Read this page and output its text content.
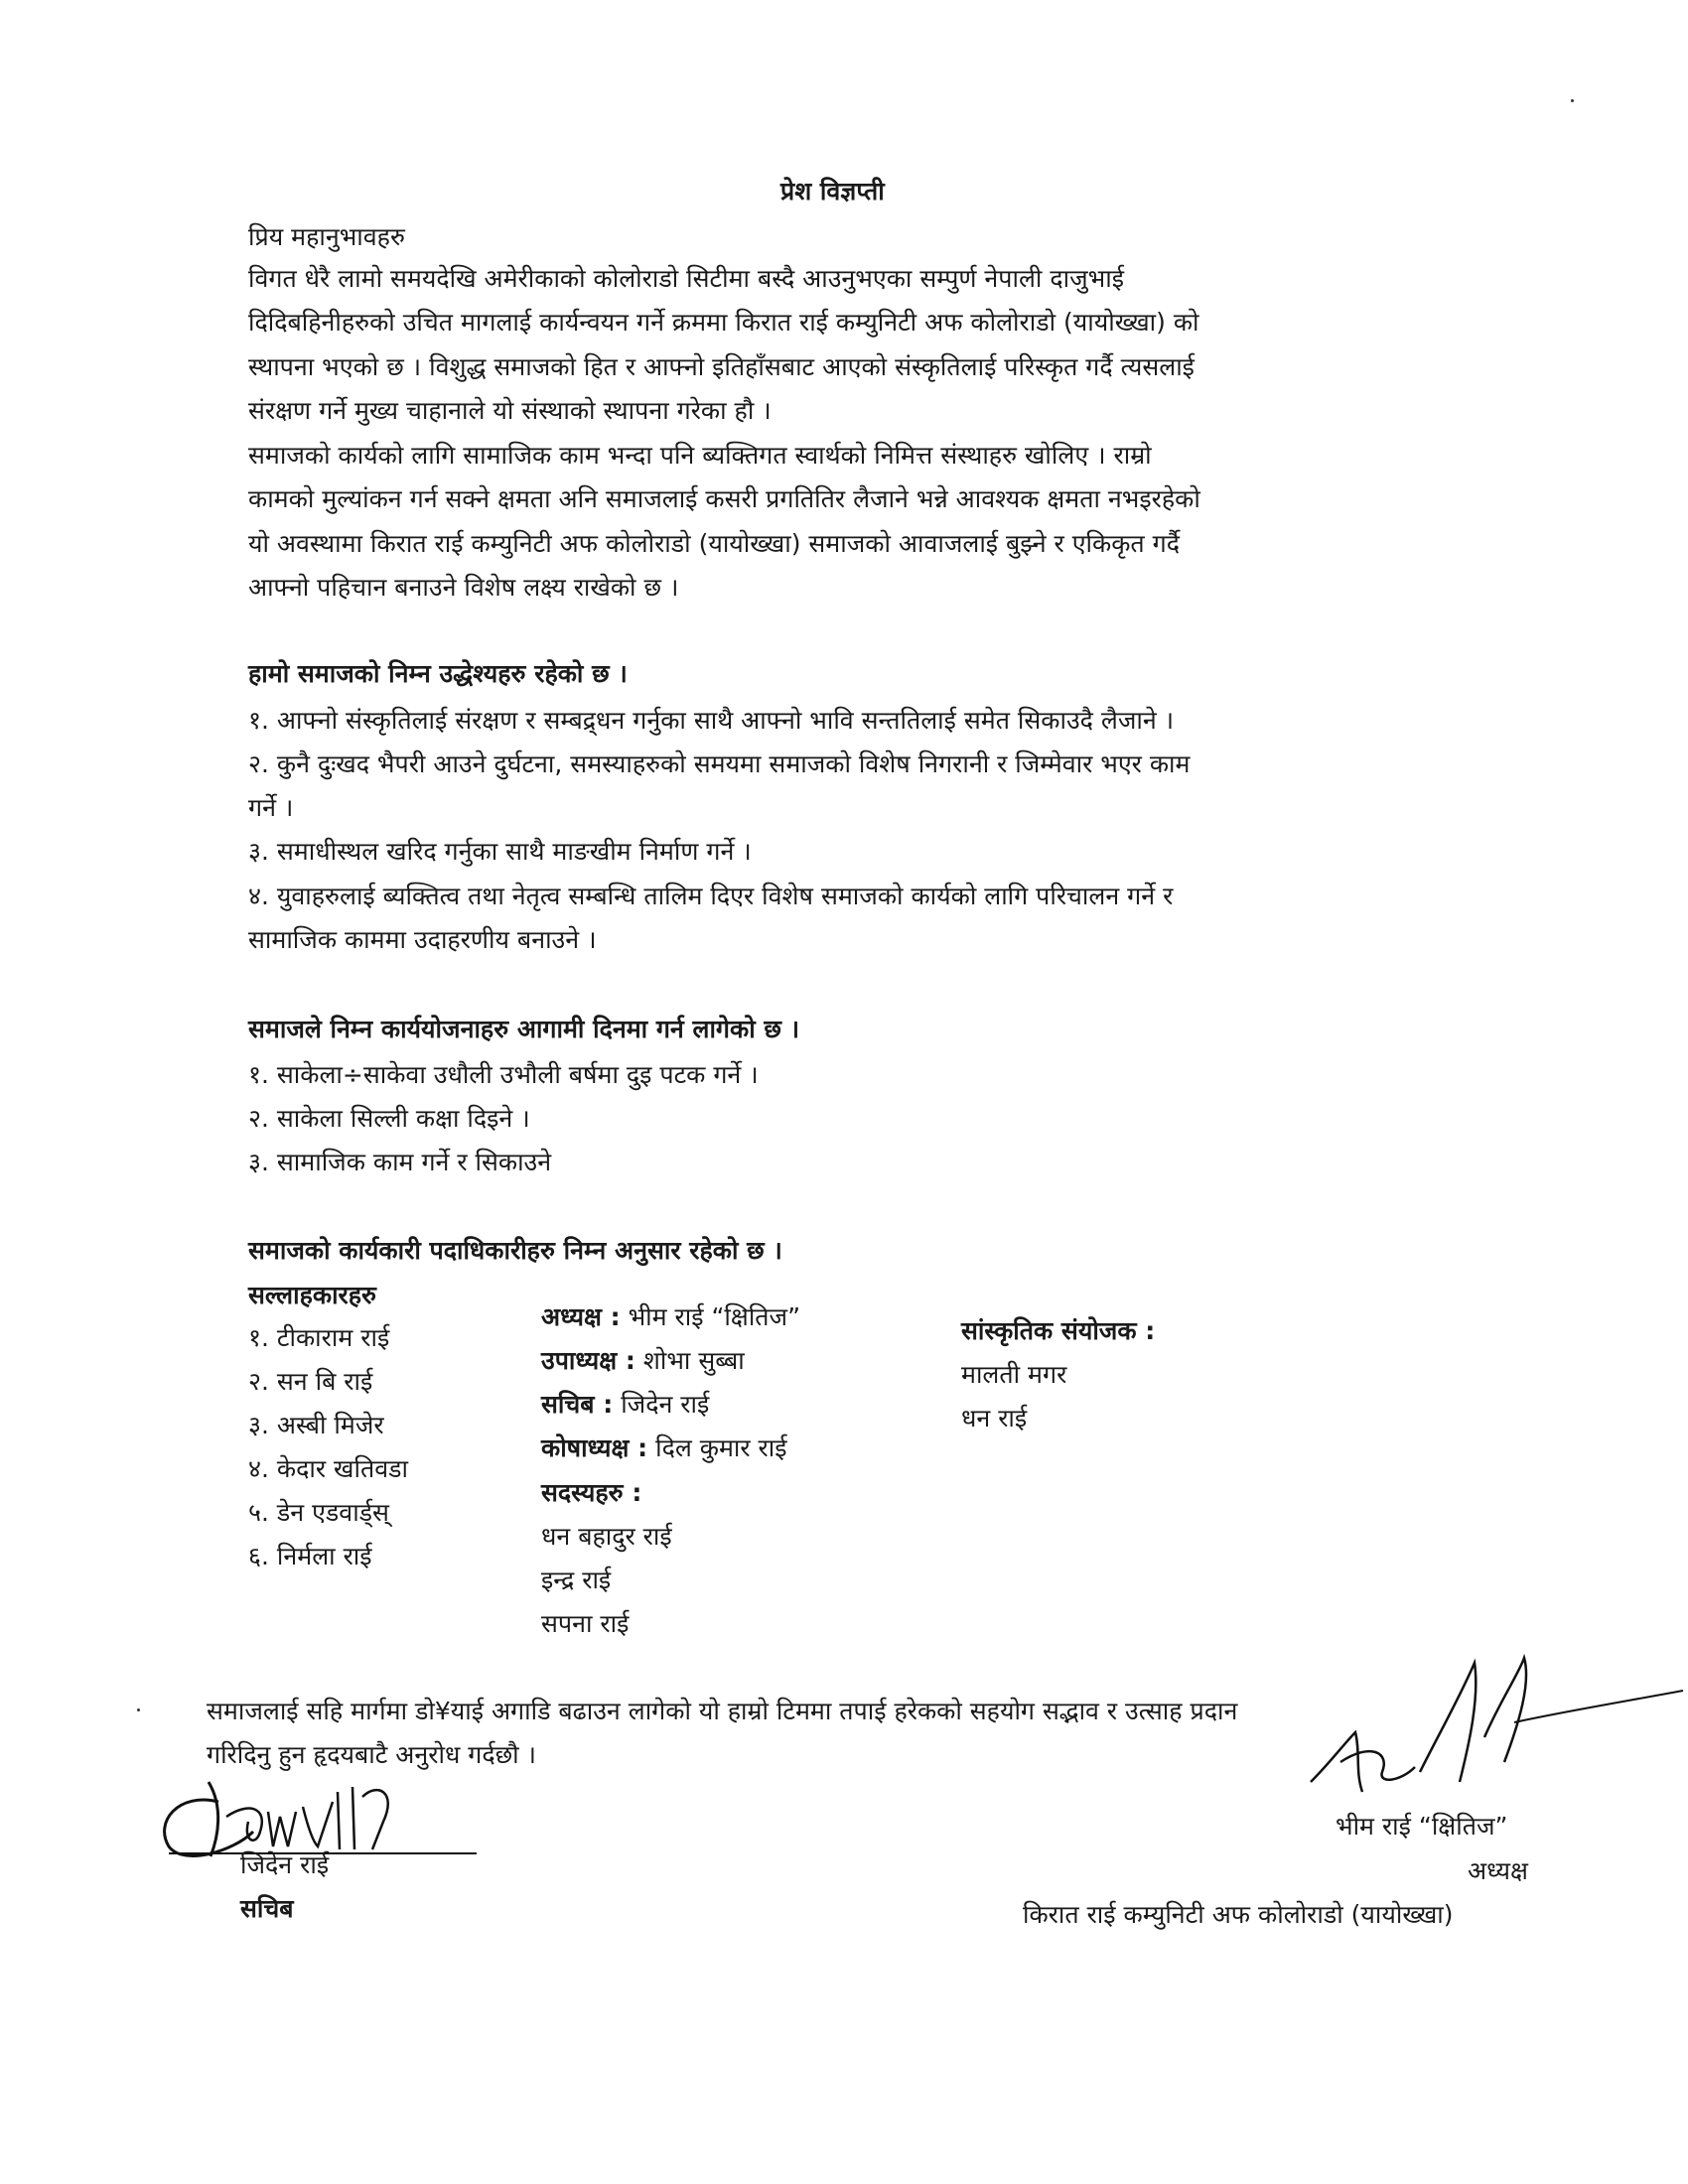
प्रेश विज्ञप्ती
प्रिय महानुभावहरु
विगत धेरै लामो समयदेखि अमेरीकाको कोलोराडो सिटीमा बस्दै आउनुभएका सम्पुर्ण नेपाली दाजुभाई
दिदिबहिनीहरुको उचित मागलाई कार्यन्वयन गर्ने क्रममा किरात राई कम्युनिटी अफ कोलोराडो (यायोख्खा) को
स्थापना भएको छ । विशुद्ध समाजको हित र आफ्नो इतिहाँसबाट आएको संस्कृतिलाई परिस्कृत गर्दै त्यसलाई
संरक्षण गर्ने मुख्य चाहानाले यो संस्थाको स्थापना गरेका हौ ।
समाजको कार्यको लागि सामाजिक काम भन्दा पनि ब्यक्तिगत स्वार्थको निमित्त संस्थाहरु खोलिए । राम्रो
कामको मुल्यांकन गर्न सक्ने क्षमता अनि समाजलाई कसरी प्रगतितिर लैजाने भन्ने आवश्यक क्षमता नभइरहेको
यो अवस्थामा किरात राई कम्युनिटी अफ कोलोराडो (यायोख्खा) समाजको आवाजलाई बुझ्ने र एकिकृत गर्दै
आफ्नो पहिचान बनाउने विशेष लक्ष्य राखेको छ ।
हामो समाजको निम्न उद्धेश्यहरु रहेको छ ।
१. आफ्नो संस्कृतिलाई संरक्षण र सम्बद्र्धन गर्नुका साथै आफ्नो भावि सन्ततिलाई समेत सिकाउदै लैजाने ।
२. कुनै दुःखद भैपरी आउने दुर्घटना, समस्याहरुको समयमा समाजको विशेष निगरानी र जिम्मेवार भएर काम
गर्ने ।
३. समाधीस्थल खरिद गर्नुका साथै माङखीम निर्माण गर्ने ।
४. युवाहरुलाई ब्यक्तित्व तथा नेतृत्व सम्बन्धि तालिम दिएर विशेष समाजको कार्यको लागि परिचालन गर्ने र
सामाजिक काममा उदाहरणीय बनाउने ।
समाजले निम्न कार्ययोजनाहरु आगामी दिनमा गर्न लागेको छ ।
१. साकेला÷साकेवा उधौली उभौली बर्षमा दुइ पटक गर्ने ।
२. साकेला सिल्ली कक्षा दिइने ।
३. सामाजिक काम गर्ने र सिकाउने
समाजको कार्यकारी पदाधिकारीहरु निम्न अनुसार रहेको छ ।
सल्लाहकारहरु
१. टीकाराम राई
२. सन बि राई
३. अस्बी मिजेर
४. केदार खतिवडा
५. डेन एडवार्ड्स्
६. निर्मला राई
अध्यक्ष : भीम राई “क्षितिज”
उपाध्यक्ष : शोभा सुब्बा
सचिब : जिदेन राई
कोषाध्यक्ष : दिल कुमार राई
सदस्यहरु :
धन बहादुर राई
इन्द्र राई
सपना राई
सांस्कृतिक संयोजक :
मालती मगर
धन राई
समाजलाई सहि मार्गमा डो¥याई अगाडि बढाउन लागेको यो हाम्रो टिममा तपाई हरेकको सहयोग सद्भाव र उत्साह प्रदान
गरिदिनु हुन हृदयबाटै अनुरोध गर्दछौ ।
जिदेन राई
सचिब
भीम राई “क्षितिज”
अध्यक्ष
किरात राई कम्युनिटी अफ कोलोराडो (यायोख्खा)
